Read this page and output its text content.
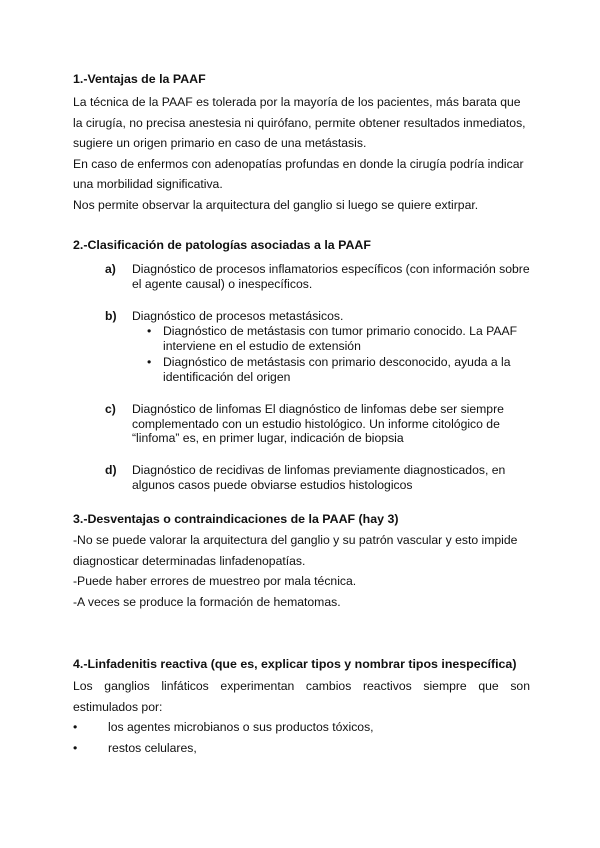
1.-Ventajas de la PAAF
La técnica de la PAAF es tolerada por la mayoría de los pacientes, más barata que
la cirugía, no precisa anestesia ni quirófano, permite obtener resultados inmediatos,
sugiere un origen primario en caso de una metástasis.
En caso de enfermos con adenopatías profundas en donde la cirugía podría indicar
una morbilidad significativa.
Nos permite observar la arquitectura del ganglio si luego se quiere extirpar.
2.-Clasificación de patologías asociadas a la PAAF
a) Diagnóstico de procesos inflamatorios específicos (con información sobre
el agente causal) o inespecíficos.
b) Diagnóstico de procesos metastásicos.
• Diagnóstico de metástasis con tumor primario conocido. La PAAF
interviene en el estudio de extensión
• Diagnóstico de metástasis con primario desconocido, ayuda a la
identificación del origen
c) Diagnóstico de linfomas El diagnóstico de linfomas debe ser siempre
complementado con un estudio histológico. Un informe citológico de
“linfoma” es, en primer lugar, indicación de biopsia
d) Diagnóstico de recidivas de linfomas previamente diagnosticados, en
algunos casos puede obviarse estudios histologicos
3.-Desventajas o contraindicaciones de la PAAF (hay 3)
-No se puede valorar la arquitectura del ganglio y su patrón vascular y esto impide
diagnosticar determinadas linfadenopatías.
-Puede haber errores de muestreo por mala técnica.
-A veces se produce la formación de hematomas.
4.-Linfadenitis reactiva (que es, explicar tipos y nombrar tipos inespecífica)
Los ganglios linfáticos experimentan cambios reactivos siempre que son
estimulados por:
•	los agentes microbianos o sus productos tóxicos,
•	restos celulares,
